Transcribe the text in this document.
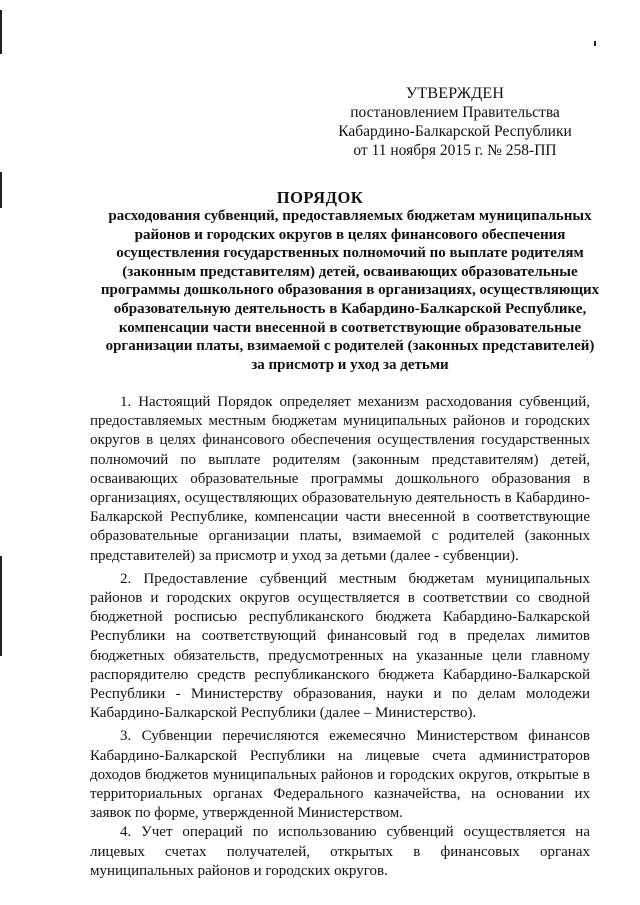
УТВЕРЖДЕН
постановлением Правительства
Кабардино-Балкарской Республики
от 11 ноября 2015 г. № 258-ПП
ПОРЯДОК
расходования субвенций, предоставляемых бюджетам муниципальных районов и городских округов в целях финансового обеспечения осуществления государственных полномочий по выплате родителям (законным представителям) детей, осваивающих образовательные программы дошкольного образования в организациях, осуществляющих образовательную деятельность в Кабардино-Балкарской Республике, компенсации части внесенной в соответствующие образовательные организации платы, взимаемой с родителей (законных представителей) за присмотр и уход за детьми

1. Настоящий Порядок определяет механизм расходования субвенций, предоставляемых местным бюджетам муниципальных районов и городских округов в целях финансового обеспечения осуществления государственных полномочий по выплате родителям (законным представителям) детей, осваивающих образовательные программы дошкольного образования в организациях, осуществляющих образовательную деятельность в Кабардино-Балкарской Республике, компенсации части внесенной в соответствующие образовательные организации платы, взимаемой с родителей (законных представителей) за присмотр и уход за детьми (далее - субвенции).

2. Предоставление субвенций местным бюджетам муниципальных районов и городских округов осуществляется в соответствии со сводной бюджетной росписью республиканского бюджета Кабардино-Балкарской Республики на соответствующий финансовый год в пределах лимитов бюджетных обязательств, предусмотренных на указанные цели главному распорядителю средств республиканского бюджета Кабардино-Балкарской Республики - Министерству образования, науки и по делам молодежи Кабардино-Балкарской Республики (далее – Министерство).

3. Субвенции перечисляются ежемесячно Министерством финансов Кабардино-Балкарской Республики на лицевые счета администраторов доходов бюджетов муниципальных районов и городских округов, открытые в территориальных органах Федерального казначейства, на основании их заявок по форме, утвержденной Министерством.

4. Учет операций по использованию субвенций осуществляется на лицевых счетах получателей, открытых в финансовых органах муниципальных районов и городских округов.
